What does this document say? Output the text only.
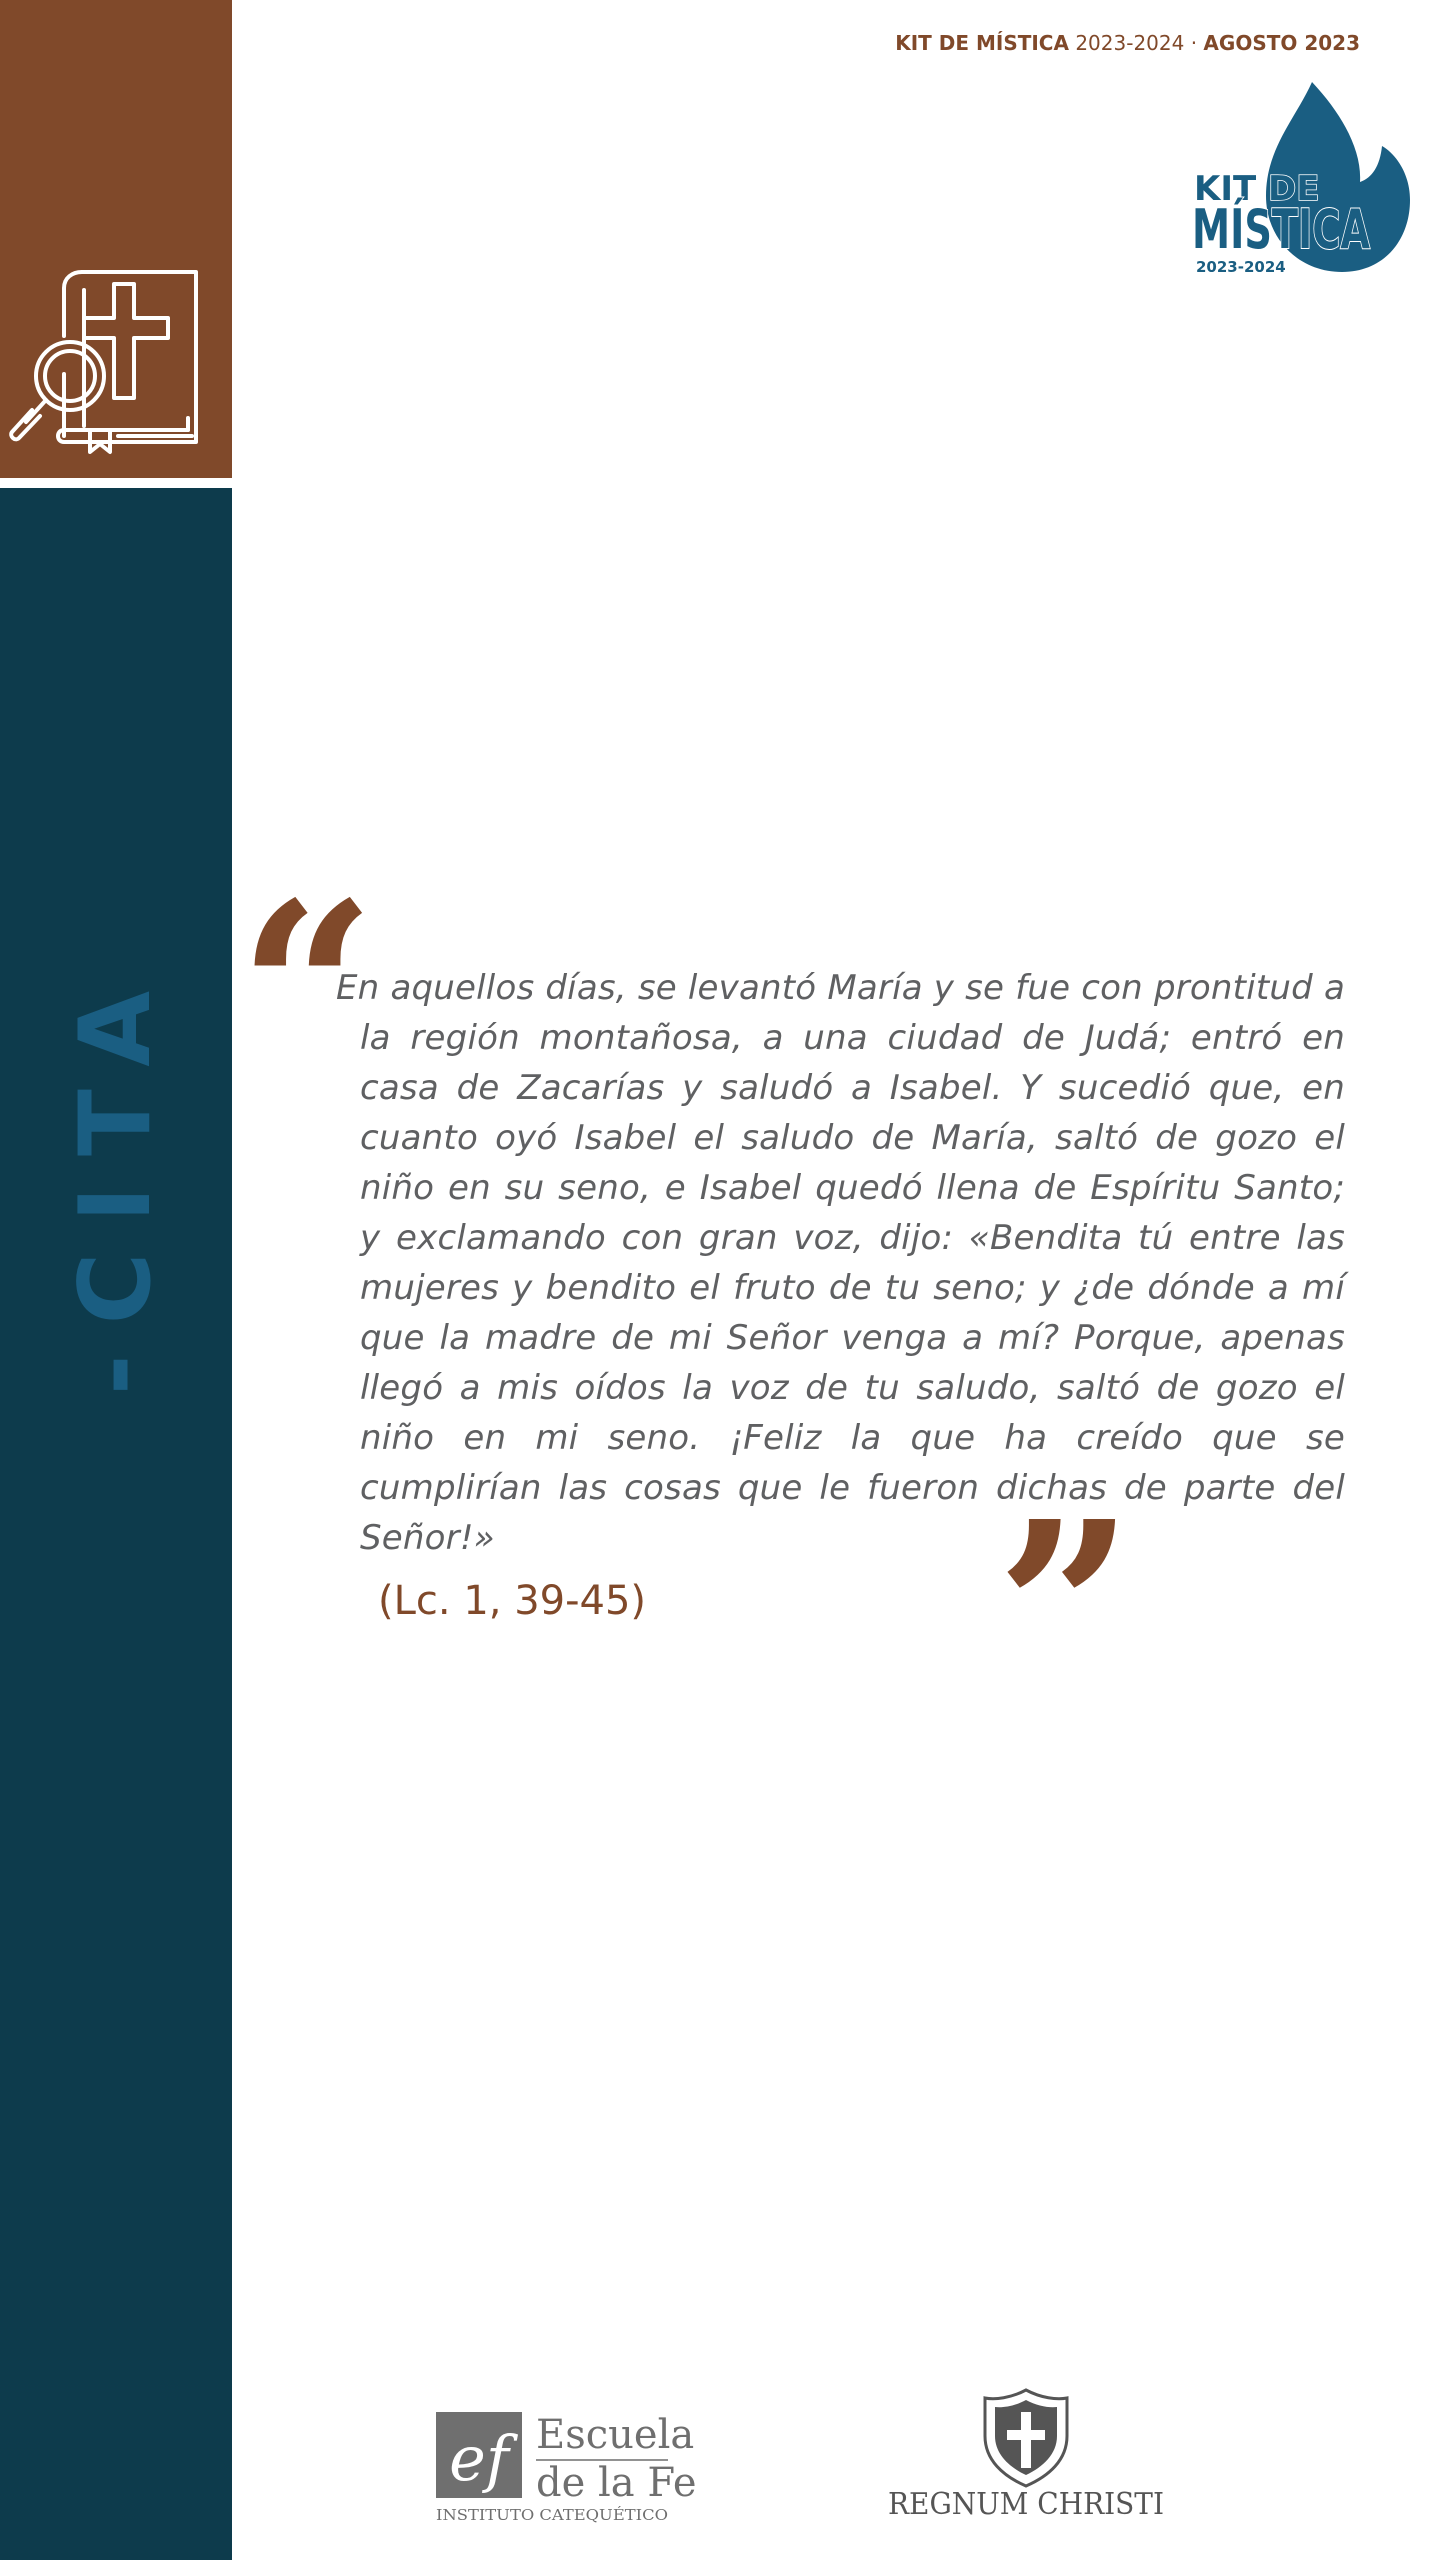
-CITA
KIT DE MÍSTICA 2023-2024 · AGOSTO 2023
KIT DE
MÍSTICA
2023-2024
“

En aquellos días, se levantó María y se fue con prontitud a la región montañosa, a una ciudad de Judá; entró en casa de Zacarías y saludó a Isabel. Y sucedió que, en cuanto oyó Isabel el saludo de María, saltó de gozo el niño en su seno, e Isabel quedó llena de Espíritu Santo; y exclamando con gran voz, dijo: «Bendita tú entre las mujeres y bendito el fruto de tu seno; y ¿de dónde a mí que la madre de mi Señor venga a mí? Porque, apenas llegó a mis oídos la voz de tu saludo, saltó de gozo el niño en mi seno. ¡Feliz la que ha creído que se cumplirían las cosas que le fueron dichas de parte del Señor!»	”
(Lc. 1, 39-45)
ef Escuela
de la Fe
INSTITUTO CATEQUÉTICO	REGNUM CHRISTI
